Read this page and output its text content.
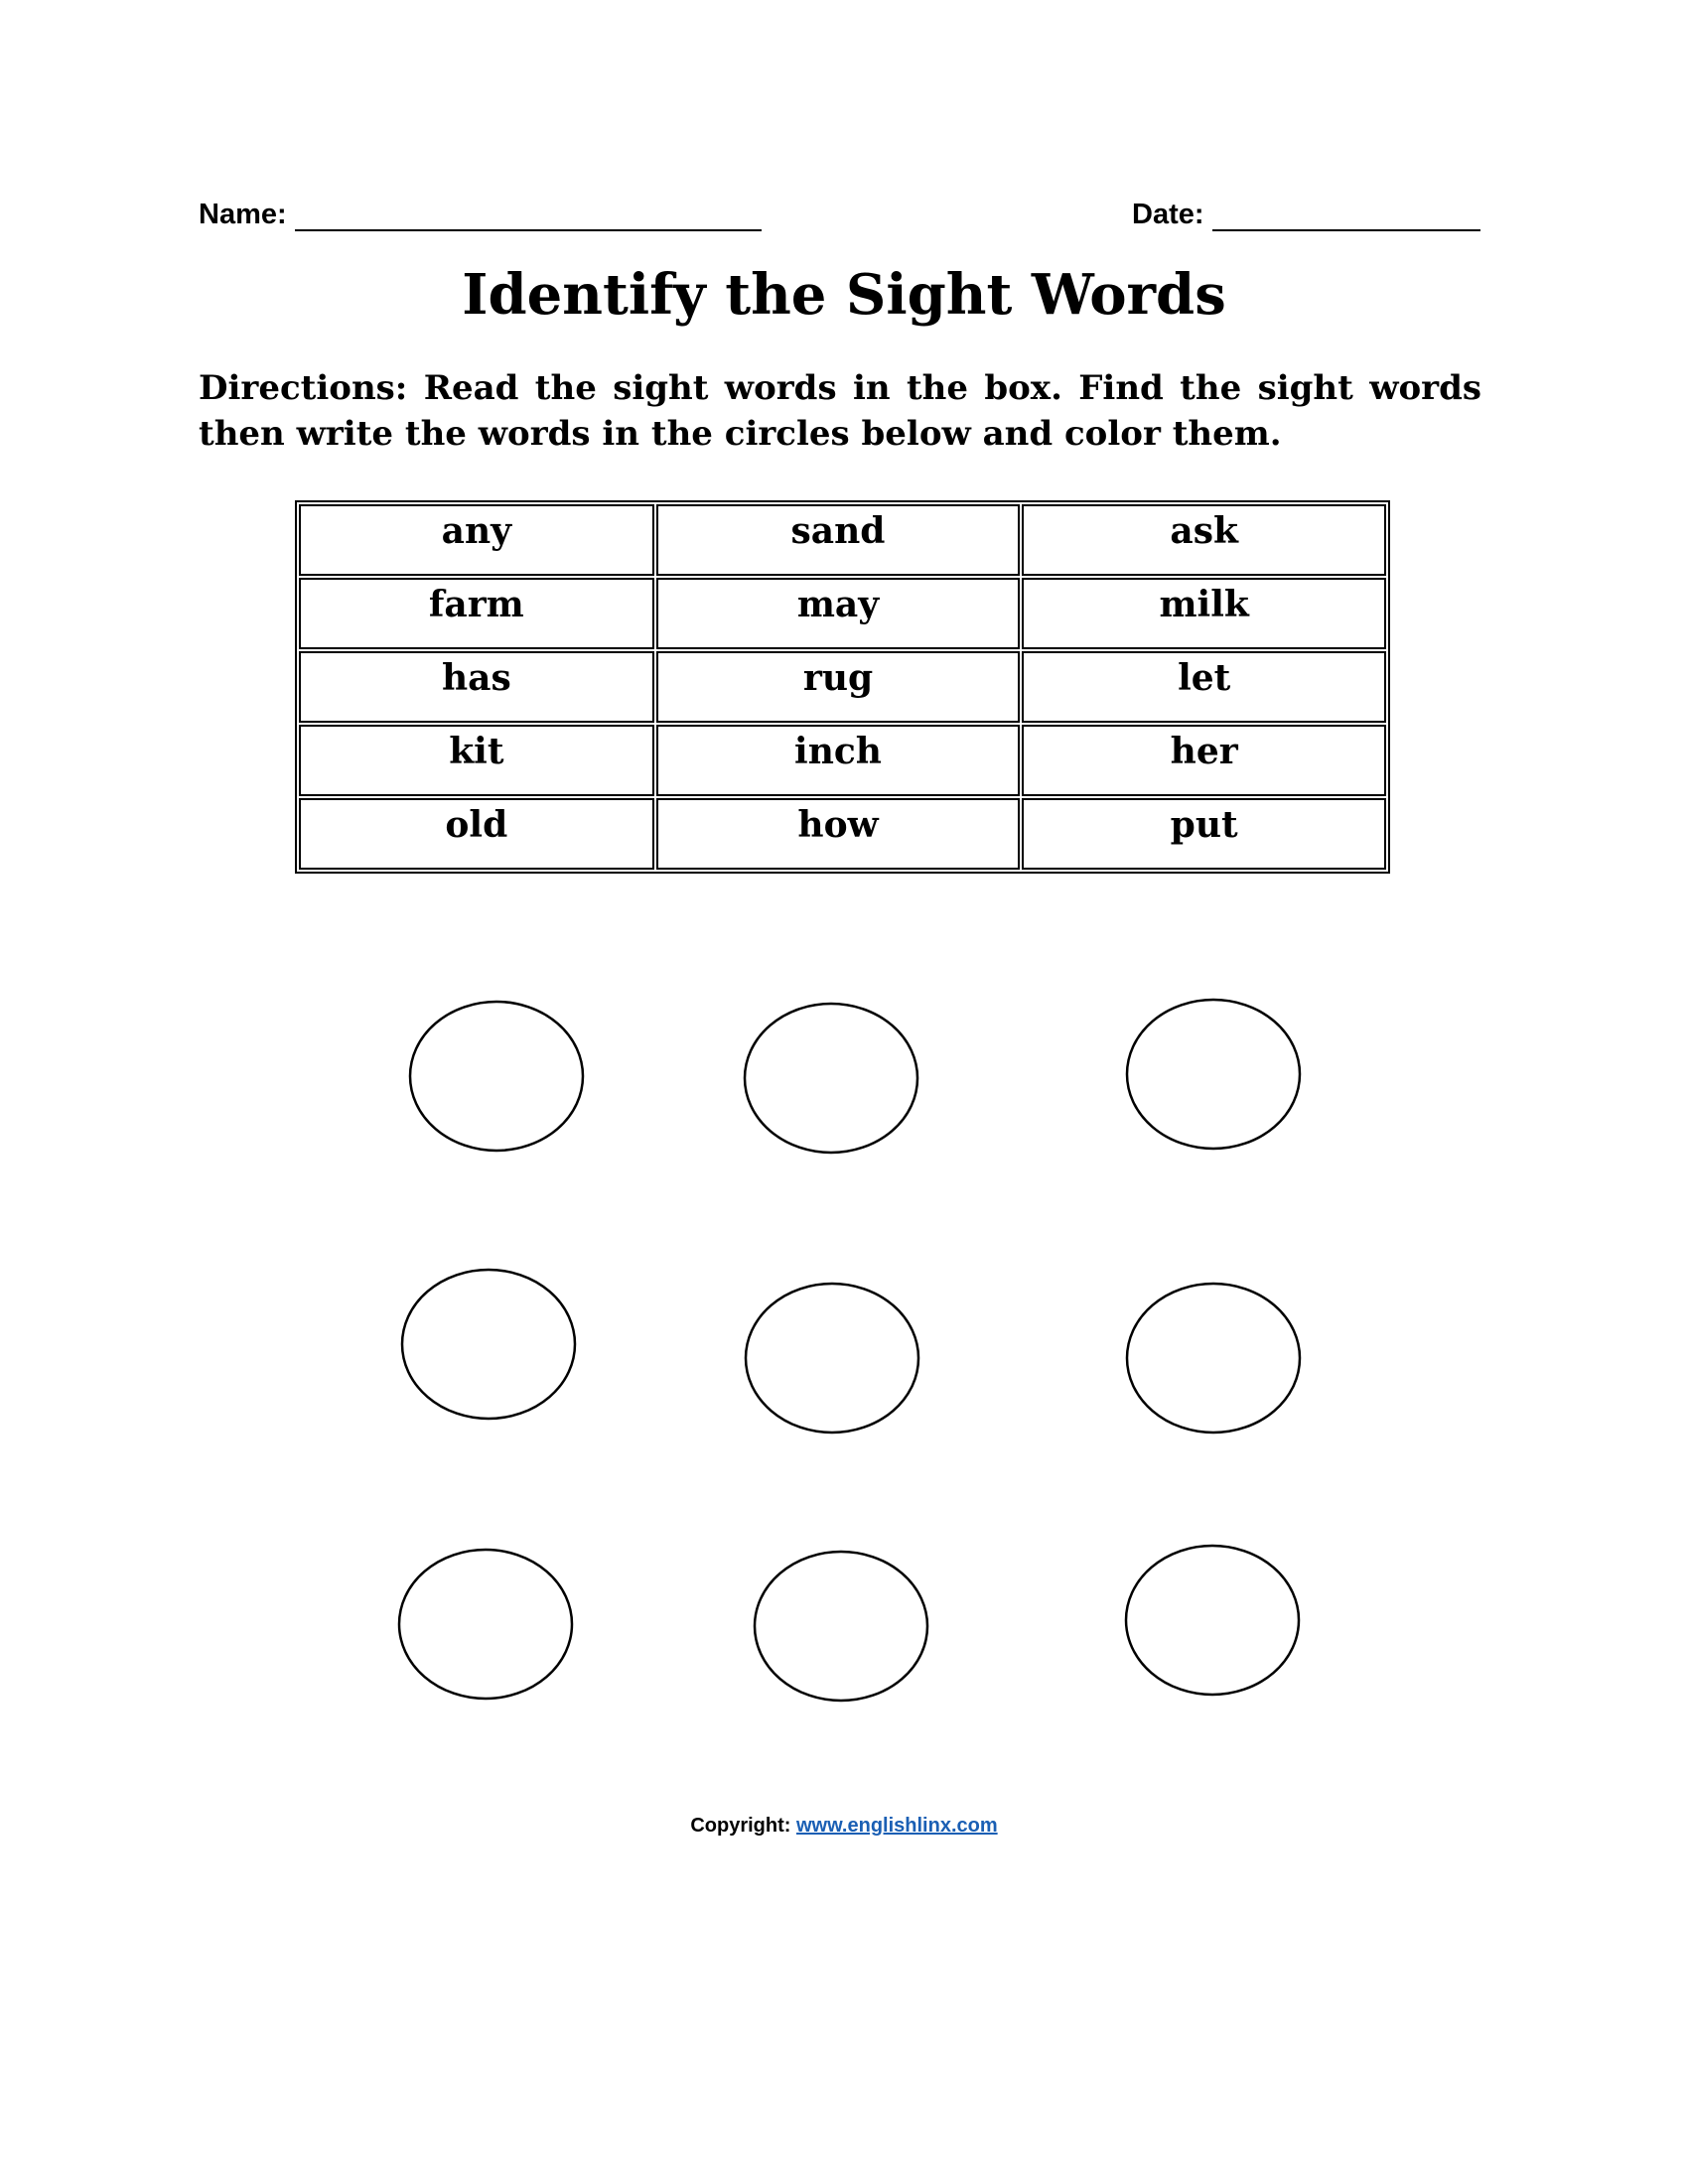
Name:	Date:
Identify the Sight Words
Directions: Read the sight words in the box. Find the sight words then write the words in the circles below and color them.
any	sand	ask
farm	may	milk
has	rug	let
kit	inch	her
old	how	put
Copyright: www.englishlinx.com
